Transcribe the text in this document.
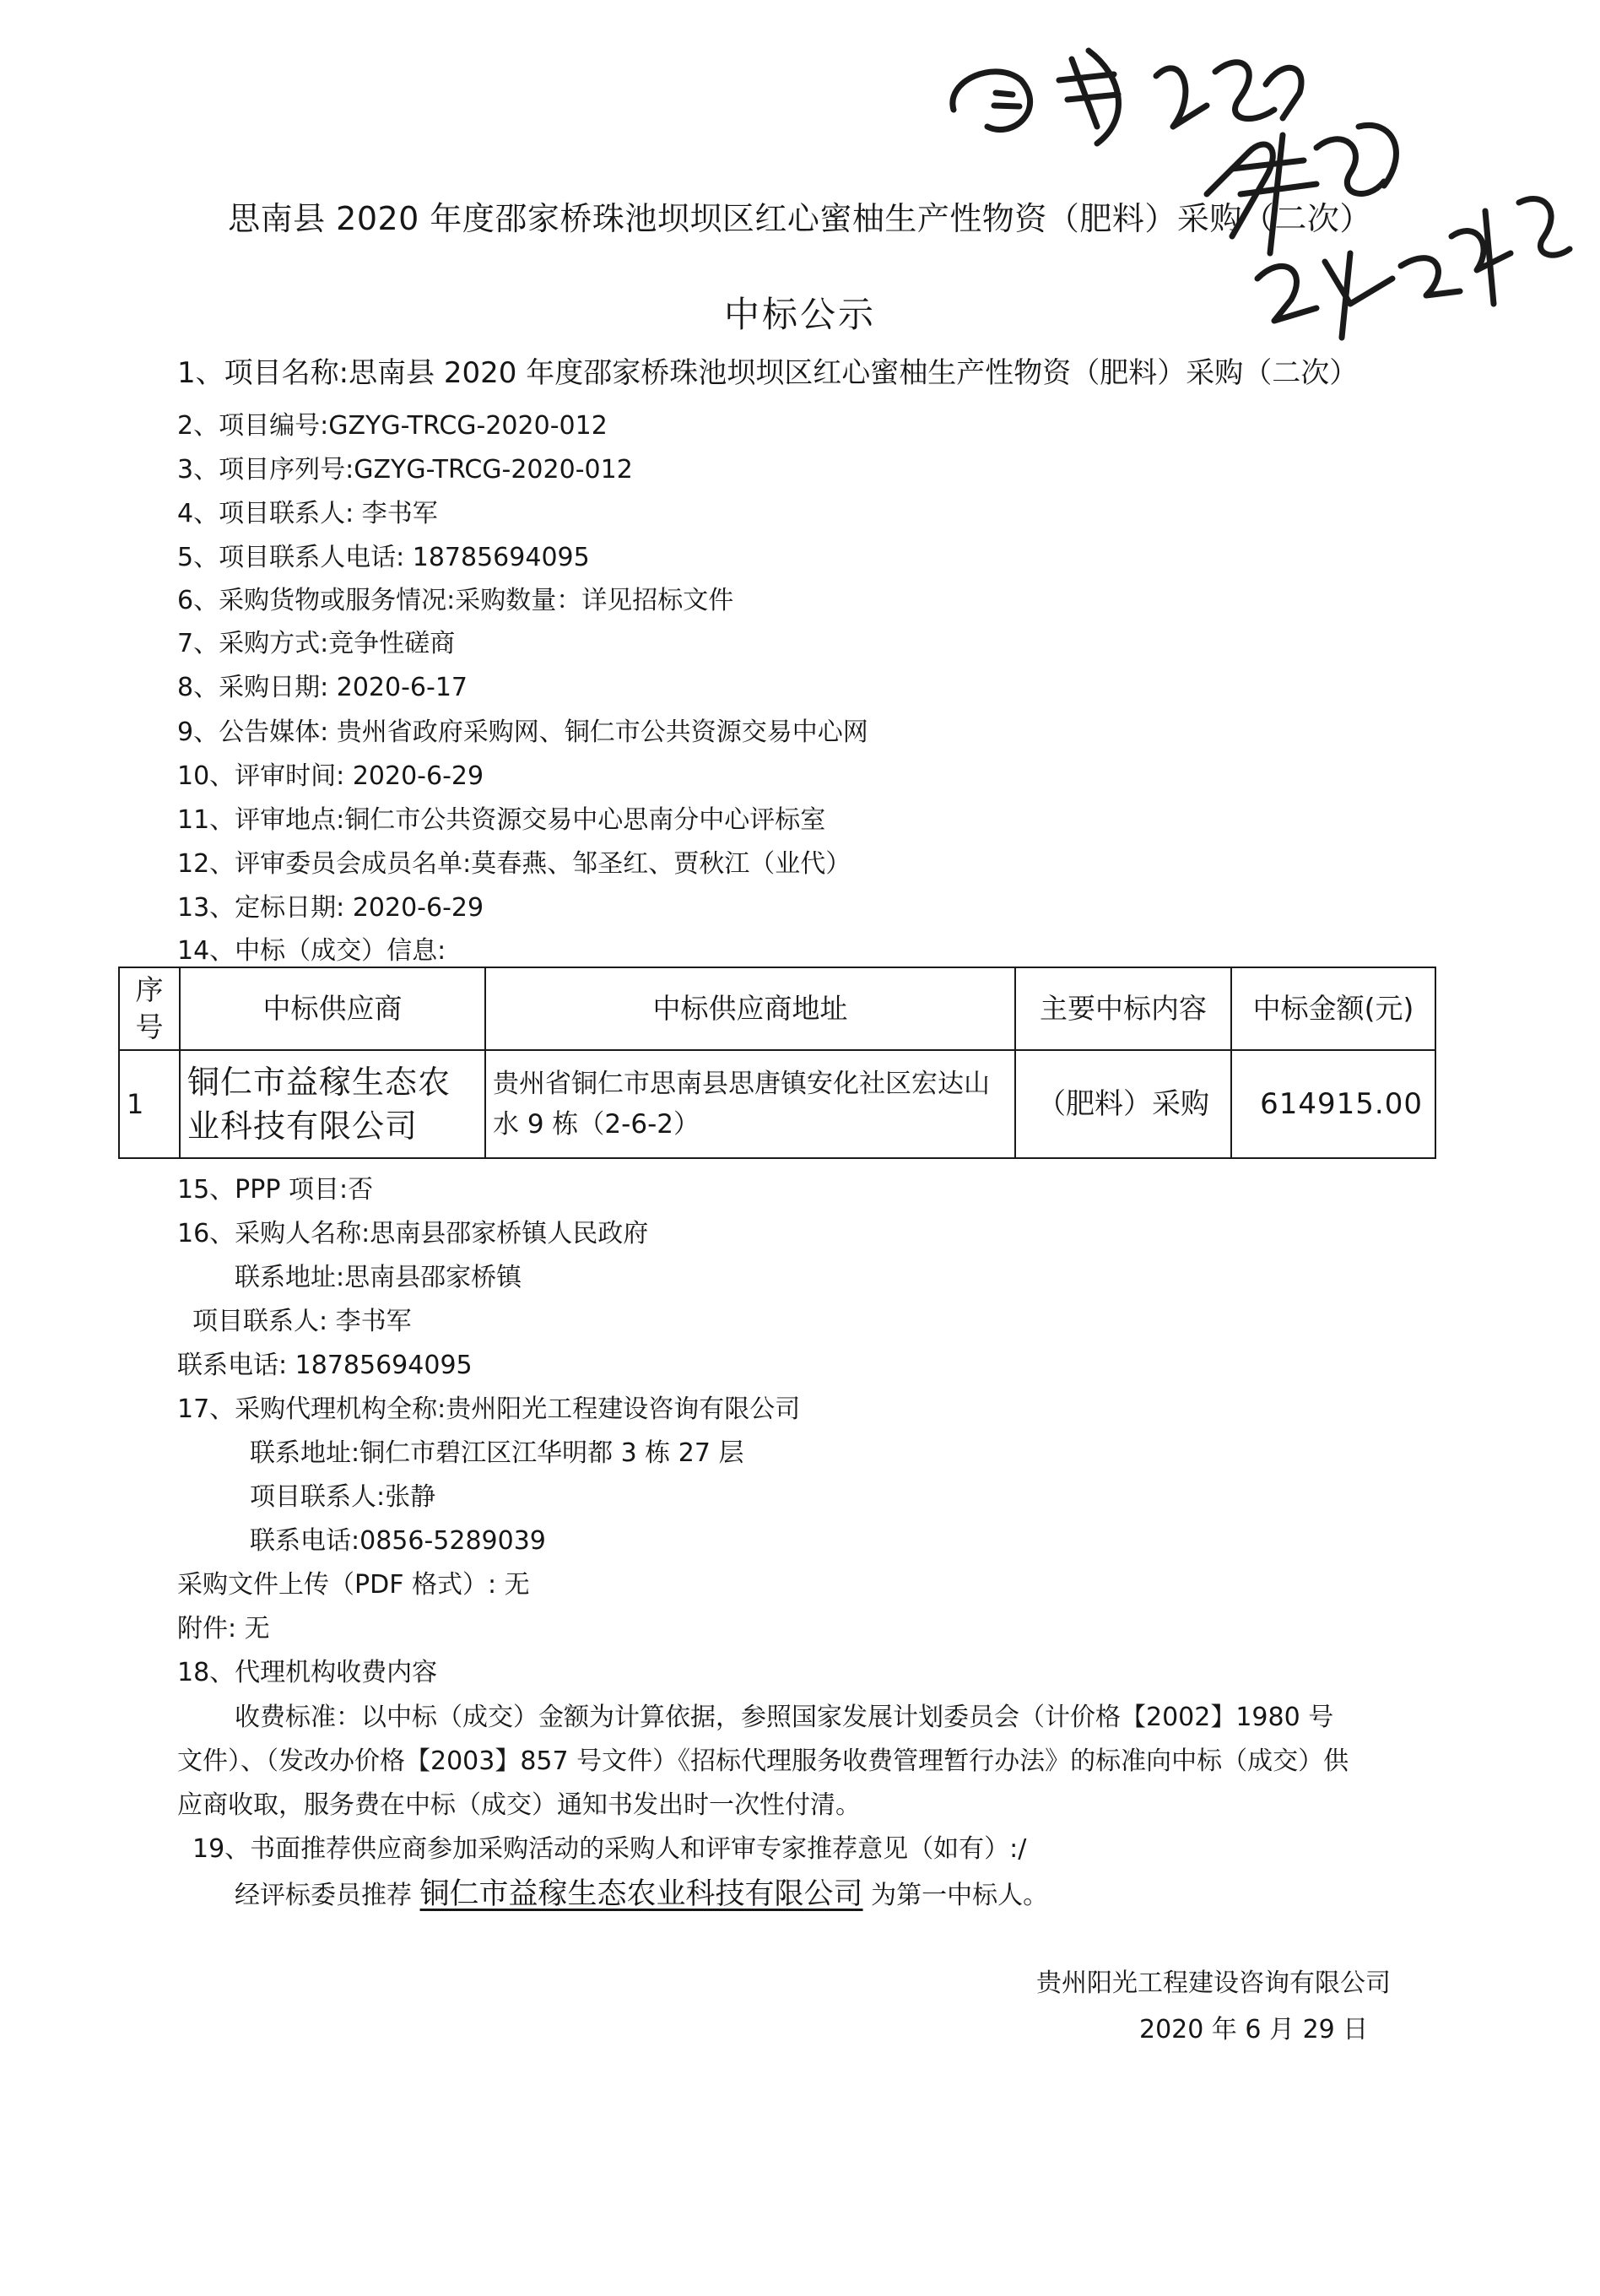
思南县 2020 年度邵家桥珠池坝坝区红心蜜柚生产性物资（肥料）采购（二次）
中标公示
1、项目名称:思南县 2020 年度邵家桥珠池坝坝区红心蜜柚生产性物资（肥料）采购（二次）
2、项目编号:GZYG-TRCG-2020-012
3、项目序列号:GZYG-TRCG-2020-012
4、项目联系人: 李书军
5、项目联系人电话: 18785694095
6、采购货物或服务情况:采购数量：详见招标文件
7、采购方式:竞争性磋商
8、采购日期: 2020-6-17
9、公告媒体: 贵州省政府采购网、铜仁市公共资源交易中心网
10、评审时间: 2020-6-29
11、评审地点:铜仁市公共资源交易中心思南分中心评标室
12、评审委员会成员名单:莫春燕、邹圣红、贾秋江（业代）
13、定标日期: 2020-6-29
14、中标（成交）信息:
序号	中标供应商	中标供应商地址	主要中标内容	中标金额(元)
1	铜仁市益稼生态农业科技有限公司	贵州省铜仁市思南县思唐镇安化社区宏达山水 9 栋（2-6-2）	（肥料）采购	614915.00
15、PPP 项目:否
16、采购人名称:思南县邵家桥镇人民政府
联系地址:思南县邵家桥镇
项目联系人: 李书军
联系电话: 18785694095
17、采购代理机构全称:贵州阳光工程建设咨询有限公司
联系地址:铜仁市碧江区江华明都 3 栋 27 层
项目联系人:张静
联系电话:0856-5289039
采购文件上传（PDF 格式）: 无
附件: 无
18、代理机构收费内容
收费标准：以中标（成交）金额为计算依据，参照国家发展计划委员会（计价格【2002】1980 号
文件）、（发改办价格【2003】857 号文件）《招标代理服务收费管理暂行办法》的标准向中标（成交）供
应商收取，服务费在中标（成交）通知书发出时一次性付清。
19、书面推荐供应商参加采购活动的采购人和评审专家推荐意见（如有）:/
经评标委员推荐 铜仁市益稼生态农业科技有限公司 为第一中标人。
贵州阳光工程建设咨询有限公司
2020 年 6 月 29 日
